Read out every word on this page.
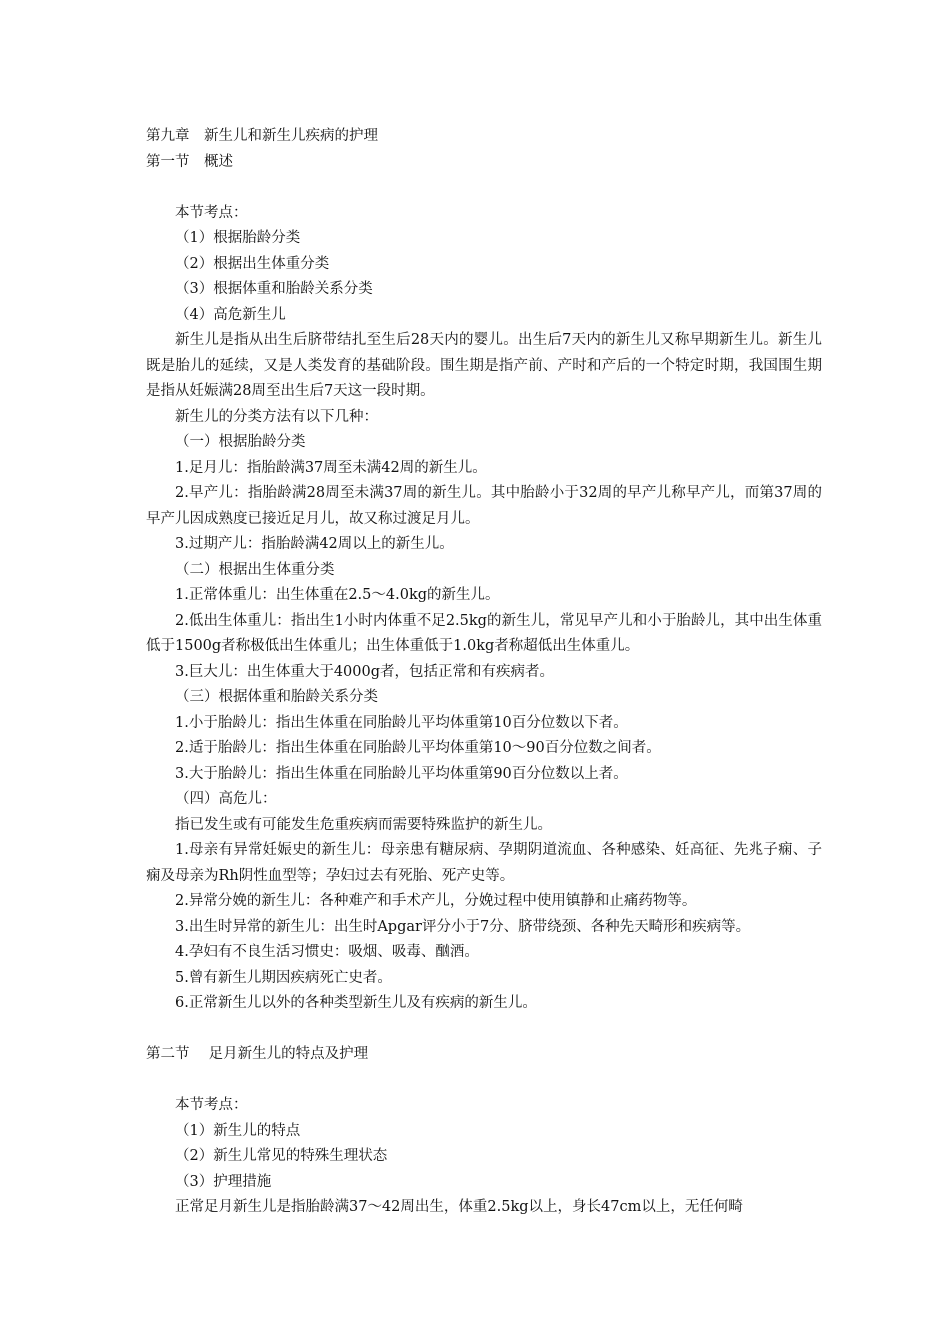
第九章　新生儿和新生儿疾病的护理
第一节　概述
本节考点：
（1）根据胎龄分类
（2）根据出生体重分类
（3）根据体重和胎龄关系分类
（4）高危新生儿
新生儿是指从出生后脐带结扎至生后28天内的婴儿。出生后7天内的新生儿又称早期新生儿。新生儿既是胎儿的延续，又是人类发育的基础阶段。围生期是指产前、产时和产后的一个特定时期，我国围生期是指从妊娠满28周至出生后7天这一段时期。
新生儿的分类方法有以下几种：
（一）根据胎龄分类
1.足月儿：指胎龄满37周至未满42周的新生儿。
2.早产儿：指胎龄满28周至未满37周的新生儿。其中胎龄小于32周的早产儿称早产儿，而第37周的早产儿因成熟度已接近足月儿，故又称过渡足月儿。
3.过期产儿：指胎龄满42周以上的新生儿。
（二）根据出生体重分类
1.正常体重儿：出生体重在2.5～4.0kg的新生儿。
2.低出生体重儿：指出生1小时内体重不足2.5kg的新生儿，常见早产儿和小于胎龄儿，其中出生体重低于1500g者称极低出生体重儿；出生体重低于1.0kg者称超低出生体重儿。
3.巨大儿：出生体重大于4000g者，包括正常和有疾病者。
（三）根据体重和胎龄关系分类
1.小于胎龄儿：指出生体重在同胎龄儿平均体重第10百分位数以下者。
2.适于胎龄儿：指出生体重在同胎龄儿平均体重第10～90百分位数之间者。
3.大于胎龄儿：指出生体重在同胎龄儿平均体重第90百分位数以上者。
（四）高危儿：
指已发生或有可能发生危重疾病而需要特殊监护的新生儿。
1.母亲有异常妊娠史的新生儿：母亲患有糖尿病、孕期阴道流血、各种感染、妊高征、先兆子痫、子痫及母亲为Rh阴性血型等；孕妇过去有死胎、死产史等。
2.异常分娩的新生儿：各种难产和手术产儿，分娩过程中使用镇静和止痛药物等。
3.出生时异常的新生儿：出生时Apgar评分小于7分、脐带绕颈、各种先天畸形和疾病等。
4.孕妇有不良生活习惯史：吸烟、吸毒、酗酒。
5.曾有新生儿期因疾病死亡史者。
6.正常新生儿以外的各种类型新生儿及有疾病的新生儿。
第二节　 足月新生儿的特点及护理
本节考点：
（1）新生儿的特点
（2）新生儿常见的特殊生理状态
（3）护理措施
正常足月新生儿是指胎龄满37～42周出生，体重2.5kg以上，身长47cm以上，无任何畸
